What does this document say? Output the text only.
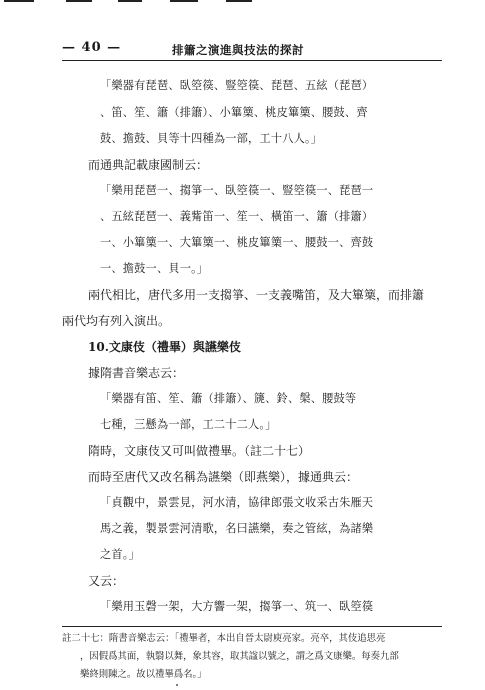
— 40 —	排簫之演進與技法的探討
「樂器有琵琶、臥箜篌、豎箜篌、琵琶、五絃（琵琶）
、笛、笙、簫（排簫）、小篳篥、桃皮篳篥、腰鼓、齊
鼓、擔鼓、貝等十四種為一部，工十八人。」
而通典記載康國制云：
「樂用琵琶一、搊箏一、臥箜篌一、豎箜篌一、琵琶一
、五絃琵琶一、義觜笛一、笙一、橫笛一、簫（排簫）
一、小篳篥一、大篳篥一、桃皮篳篥一、腰鼓一、齊鼓
一、擔鼓一、貝一。」
兩代相比，唐代多用一支搊箏、一支義嘴笛，及大篳篥，而排簫
兩代均有列入演出。
10.文康伎（禮畢）與讌樂伎
據隋書音樂志云：
「樂器有笛、笙、簫（排簫）、篪、鈴、槃、腰鼓等
七種，三懸為一部，工二十二人。」
隋時，文康伎又可叫做禮畢。（註二十七）
而時至唐代又改名稱為讌樂（即燕樂），據通典云：
「貞觀中，景雲見，河水清，協律郎張文收采古朱雁天
馬之義，製景雲河清歌，名曰讌樂，奏之管絃，為諸樂
之首。」
又云：
「樂用玉磬一架，大方響一架，搊箏一、筑一、臥箜篌
註二十七：隋書音樂志云：「禮畢者，本出自晉太尉庾亮家。亮卒，其伎追思亮
，因假爲其面，執翳以舞，象其容，取其諡以號之，謂之爲文康樂。每奏九部
樂終則陳之。故以禮畢爲名。」
